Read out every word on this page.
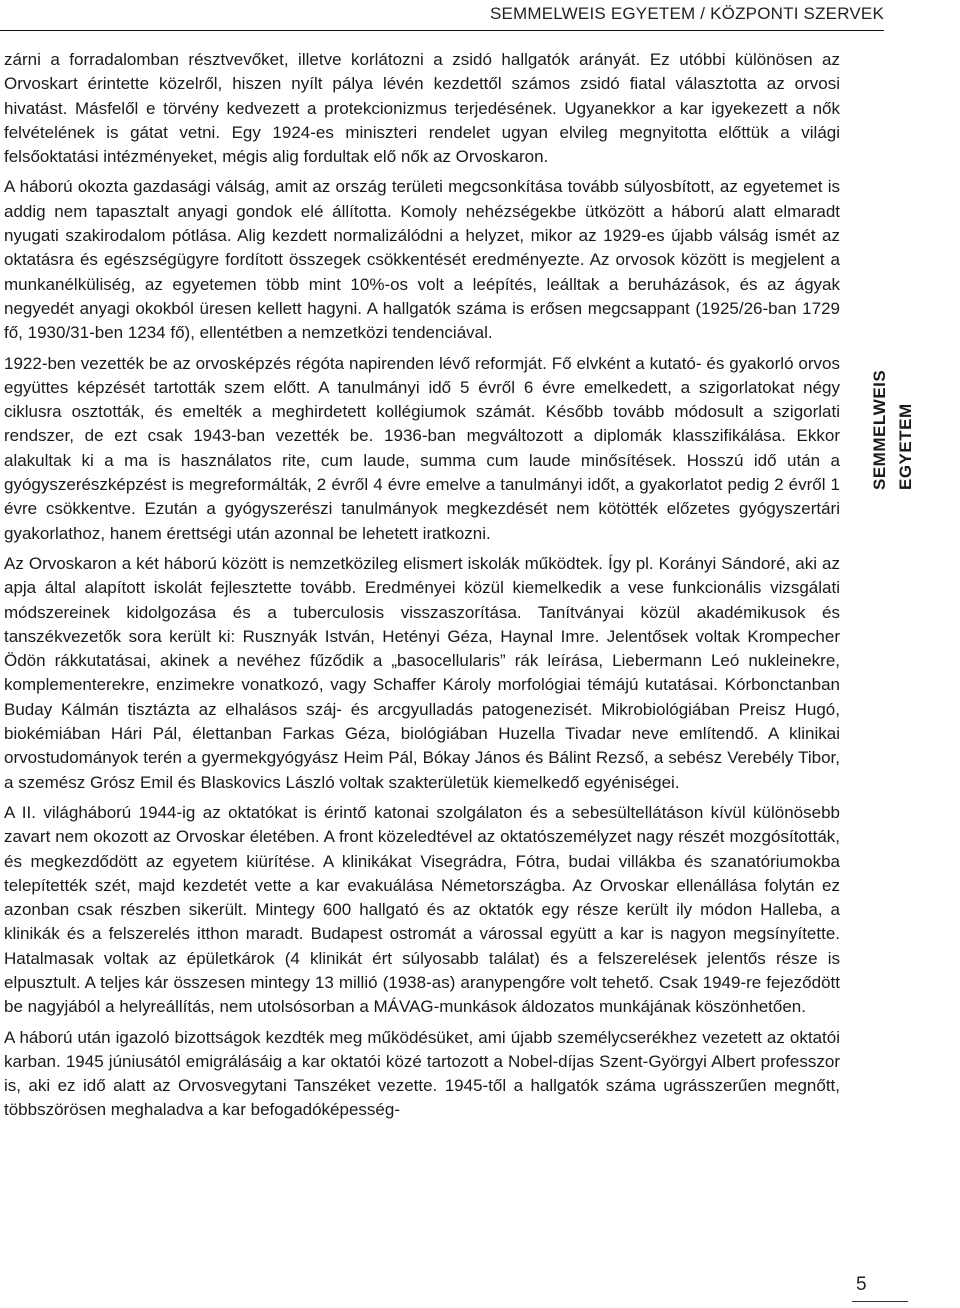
SEMMELWEIS EGYETEM / KÖZPONTI SZERVEK

zárni a forradalomban résztvevőket, illetve korlátozni a zsidó hallgatók arányát. Ez utóbbi különösen az Orvoskart érintette közelről, hiszen nyílt pálya lévén kezdettől számos zsidó fiatal választotta az orvosi hivatást. Másfelől e törvény kedvezett a protekcionizmus terjedésének. Ugyanekkor a kar igyekezett a nők felvételének is gátat vetni. Egy 1924-es miniszteri rendelet ugyan elvileg megnyitotta előttük a világi felsőoktatási intézményeket, mégis alig fordultak elő nők az Orvoskaron.

A háború okozta gazdasági válság, amit az ország területi megcsonkítása tovább súlyosbított, az egyetemet is addig nem tapasztalt anyagi gondok elé állította. Komoly nehézségekbe ütközött a háború alatt elmaradt nyugati szakirodalom pótlása. Alig kezdett normalizálódni a helyzet, mikor az 1929-es újabb válság ismét az oktatásra és egészségügyre fordított összegek csökkentését eredményezte. Az orvosok között is megjelent a munkanélküliség, az egyetemen több mint 10%-os volt a leépítés, leálltak a beruházások, és az ágyak negyedét anyagi okokból üresen kellett hagyni. A hallgatók száma is erősen megcsappant (1925/26-ban 1729 fő, 1930/31-ben 1234 fő), ellentétben a nemzetközi tendenciával.

1922-ben vezették be az orvosképzés régóta napirenden lévő reformját. Fő elvként a kutató- és gyakorló orvos együttes képzését tartották szem előtt. A tanulmányi idő 5 évről 6 évre emelkedett, a szigorlatokat négy ciklusra osztották, és emelték a meghirdetett kollégiumok számát. Később tovább módosult a szigorlati rendszer, de ezt csak 1943-ban vezették be. 1936-ban megváltozott a diplomák klasszifikálása. Ekkor alakultak ki a ma is használatos rite, cum laude, summa cum laude minősítések. Hosszú idő után a gyógyszerészképzést is megreformálták, 2 évről 4 évre emelve a tanulmányi időt, a gyakorlatot pedig 2 évről 1 évre csökkentve. Ezután a gyógyszerészi tanulmányok megkezdését nem kötötték előzetes gyógyszertári gyakorlathoz, hanem érettségi után azonnal be lehetett iratkozni.

Az Orvoskaron a két háború között is nemzetközileg elismert iskolák működtek. Így pl. Korányi Sándoré, aki az apja által alapított iskolát fejlesztette tovább. Eredményei közül kiemelkedik a vese funkcionális vizsgálati módszereinek kidolgozása és a tuberculosis visszaszorítása. Tanítványai közül akadémikusok és tanszékvezetők sora került ki: Rusznyák István, Hetényi Géza, Haynal Imre. Jelentősek voltak Krompecher Ödön rákkutatásai, akinek a nevéhez fűződik a „basocellularis” rák leírása, Liebermann Leó nukleinekre, komplementerekre, enzimekre vonatkozó, vagy Schaffer Károly morfológiai témájú kutatásai. Kórbonctanban Buday Kálmán tisztázta az elhalásos száj- és arcgyulladás patogenezisét. Mikrobiológiában Preisz Hugó, biokémiában Hári Pál, élettanban Farkas Géza, biológiában Huzella Tivadar neve említendő. A klinikai orvostudományok terén a gyermekgyógyász Heim Pál, Bókay János és Bálint Rezső, a sebész Verebély Tibor, a szemész Grósz Emil és Blaskovics László voltak szakterületük kiemelkedő egyéniségei.

A II. világháború 1944-ig az oktatókat is érintő katonai szolgálaton és a sebesültellátáson kívül különösebb zavart nem okozott az Orvoskar életében. A front közeledtével az oktatószemélyzet nagy részét mozgósították, és megkezdődött az egyetem kiürítése. A klinikákat Visegrádra, Fótra, budai villákba és szanatóriumokba telepítették szét, majd kezdetét vette a kar evakuálása Németországba. Az Orvoskar ellenállása folytán ez azonban csak részben sikerült. Mintegy 600 hallgató és az oktatók egy része került ily módon Halleba, a klinikák és a felszerelés itthon maradt. Budapest ostromát a várossal együtt a kar is nagyon megsínyítette. Hatalmasak voltak az épületkárok (4 klinikát ért súlyosabb találat) és a felszerelések jelentős része is elpusztult. A teljes kár összesen mintegy 13 millió (1938-as) aranypengőre volt tehető. Csak 1949-re fejeződött be nagyjából a helyreállítás, nem utolsósorban a MÁVAG-munkások áldozatos munkájának köszönhetően.

A háború után igazoló bizottságok kezdték meg működésüket, ami újabb személycserékhez vezetett az oktatói karban. 1945 júniusától emigrálásáig a kar oktatói közé tartozott a Nobel-díjas Szent-Györgyi Albert professzor is, aki ez idő alatt az Orvosvegytani Tanszéket vezette. 1945-től a hallgatók száma ugrásszerűen megnőtt, többszörösen meghaladva a kar befogadóképesség-

SEMMELWEIS EGYETEM
5
